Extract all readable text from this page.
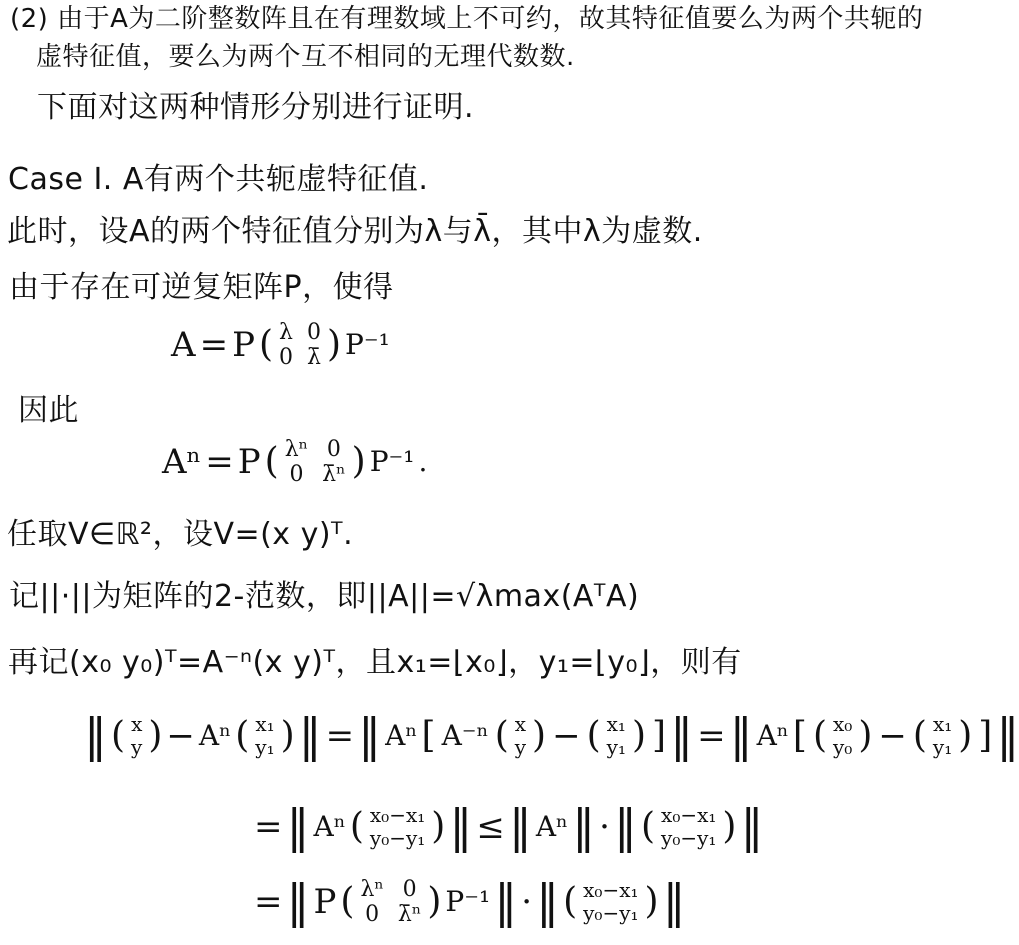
(2) 由于A为二阶整数阵且在有理数域上不可约，故其特征值要么为两个共轭的
虚特征值，要么为两个互不相同的无理代数数.
下面对这两种情形分别进行证明.
Case I. A有两个共轭虚特征值.
此时，设A的两个特征值分别为λ与λ̄，其中λ为虚数.
由于存在可逆复矩阵P，使得
A = P ( λ 0
0 λ̄ ) P⁻¹
因此
Aⁿ = P ( λⁿ 0
0 λ̄ⁿ ) P⁻¹ .
任取V∈ℝ²，设V=(x y)ᵀ.
记||·||为矩阵的2-范数，即||A||=√λmax(AᵀA)
再记(x₀ y₀)ᵀ=A⁻ⁿ(x y)ᵀ，且x₁=⌊x₀⌋，y₁=⌊y₀⌋，则有
‖ ( x
y ) − Aⁿ ( x₁
y₁ ) ‖ = ‖ Aⁿ [ A⁻ⁿ ( x
y ) − ( x₁
y₁ ) ] ‖ = ‖ Aⁿ [ ( x₀
y₀ ) − ( x₁
y₁ ) ] ‖
= ‖ Aⁿ ( x₀−x₁
y₀−y₁ ) ‖ ≤ ‖ Aⁿ ‖ · ‖ ( x₀−x₁
y₀−y₁ ) ‖
= ‖ P ( λⁿ 0
0 λ̄ⁿ ) P⁻¹ ‖ · ‖ ( x₀−x₁
y₀−y₁ ) ‖
